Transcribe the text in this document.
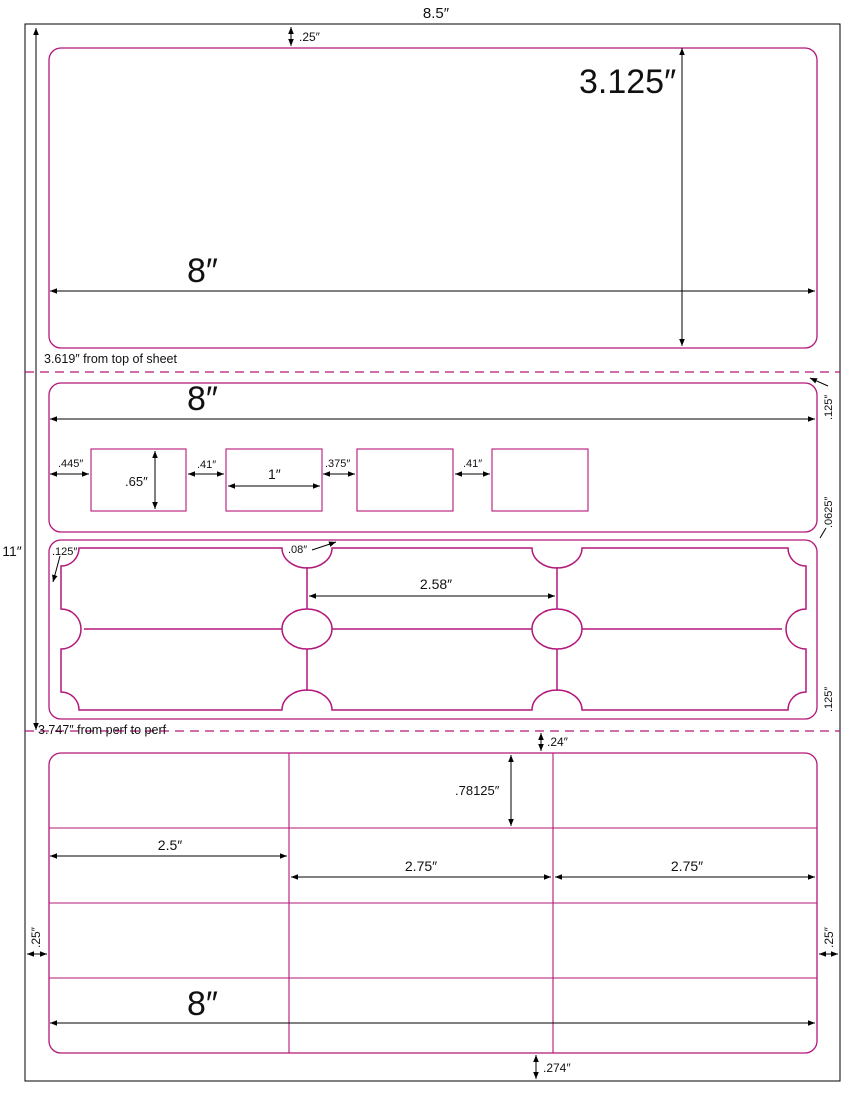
8.5″
11″
.25″
3.125″
8″
3.619″ from top of sheet
8″	.125″
.0625″
.445″
.65″
.41″
1″
.375″	.41″
.125″	.08″
2.58″
.125″
3.747″ from perf to perf
.24″
.78125″
2.5″
2.75″	2.75″
.25″	.25″
8″
.274″
